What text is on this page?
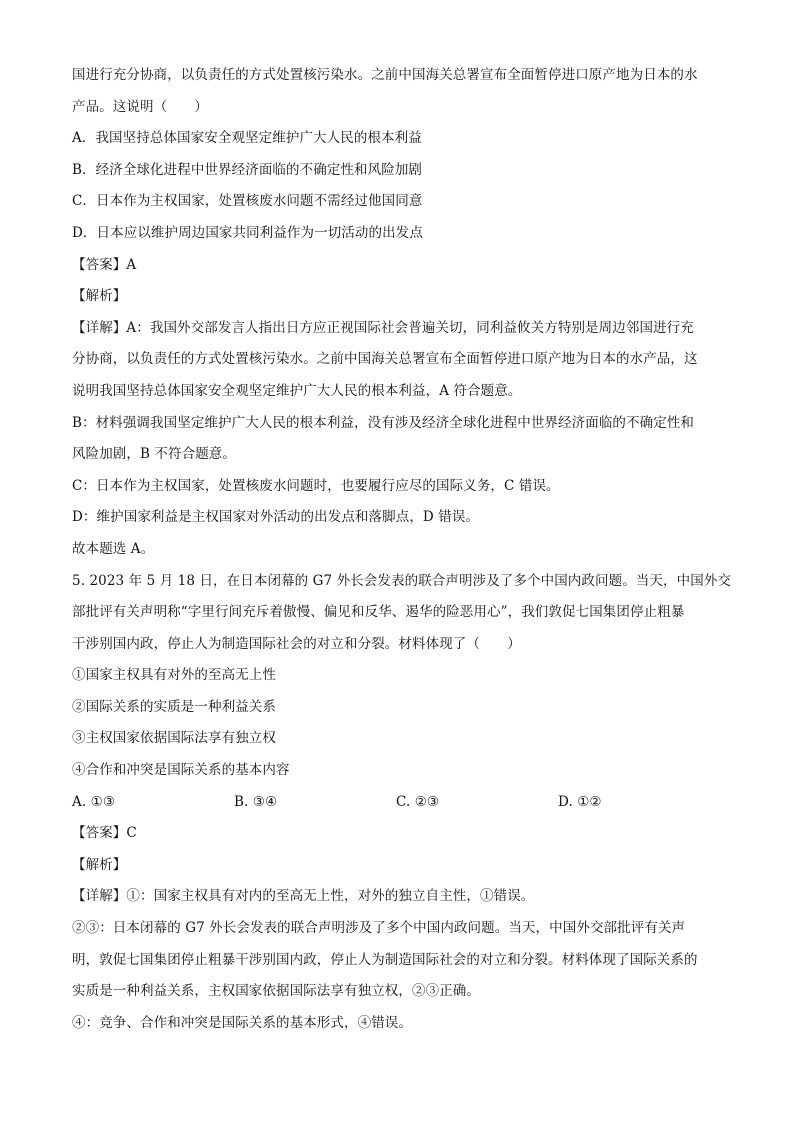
国进行充分协商，以负责任的方式处置核污染水。之前中国海关总署宣布全面暂停进口原产地为日本的水
产品。这说明（　　）
A．我国坚持总体国家安全观坚定维护广大人民的根本利益
B．经济全球化进程中世界经济面临的不确定性和风险加剧
C．日本作为主权国家，处置核废水问题不需经过他国同意
D．日本应以维护周边国家共同利益作为一切活动的出发点
【答案】A
【解析】
【详解】A：我国外交部发言人指出日方应正视国际社会普遍关切，同利益攸关方特别是周边邻国进行充
分协商，以负责任的方式处置核污染水。之前中国海关总署宣布全面暂停进口原产地为日本的水产品，这
说明我国坚持总体国家安全观坚定维护广大人民的根本利益，A 符合题意。
B：材料强调我国坚定维护广大人民的根本利益，没有涉及经济全球化进程中世界经济面临的不确定性和
风险加剧，B 不符合题意。
C：日本作为主权国家，处置核废水问题时，也要履行应尽的国际义务，C 错误。
D：维护国家利益是主权国家对外活动的出发点和落脚点，D 错误。
故本题选 A。
5. 2023 年 5 月 18 日，在日本闭幕的 G7 外长会发表的联合声明涉及了多个中国内政问题。当天，中国外交
部批评有关声明称“字里行间充斥着傲慢、偏见和反华、遏华的险恶用心”，我们敦促七国集团停止粗暴
干涉别国内政，停止人为制造国际社会的对立和分裂。材料体现了（　　）
①国家主权具有对外的至高无上性
②国际关系的实质是一种利益关系
③主权国家依据国际法享有独立权
④合作和冲突是国际关系的基本内容
A. ①③	B. ③④	C. ②③	D. ①②
【答案】C
【解析】
【详解】①：国家主权具有对内的至高无上性，对外的独立自主性，①错误。
②③：日本闭幕的 G7 外长会发表的联合声明涉及了多个中国内政问题。当天，中国外交部批评有关声
明，敦促七国集团停止粗暴干涉别国内政，停止人为制造国际社会的对立和分裂。材料体现了国际关系的
实质是一种利益关系，主权国家依据国际法享有独立权，②③正确。
④：竞争、合作和冲突是国际关系的基本形式，④错误。
